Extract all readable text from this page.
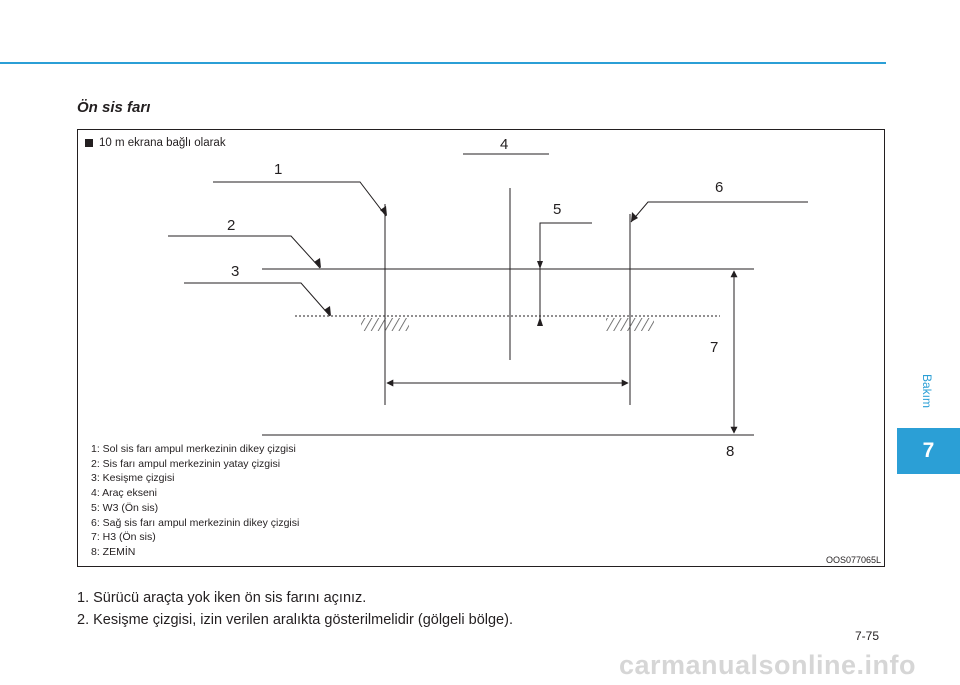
Ön sis farı
10 m ekrana bağlı olarak
1
2
3
4
5
6
7
8
1: Sol sis farı ampul merkezinin dikey çizgisi
2: Sis farı ampul merkezinin yatay çizgisi
3: Kesişme çizgisi
4: Araç ekseni
5: W3 (Ön sis)
6: Sağ sis farı ampul merkezinin dikey çizgisi
7: H3 (Ön sis)
8: ZEMİN
OOS077065L
1. Sürücü araçta yok iken ön sis farını açınız.
2. Kesişme çizgisi, izin verilen aralıkta gösterilmelidir (gölgeli bölge).
7-75
Bakım
7
carmanualsonline.info
